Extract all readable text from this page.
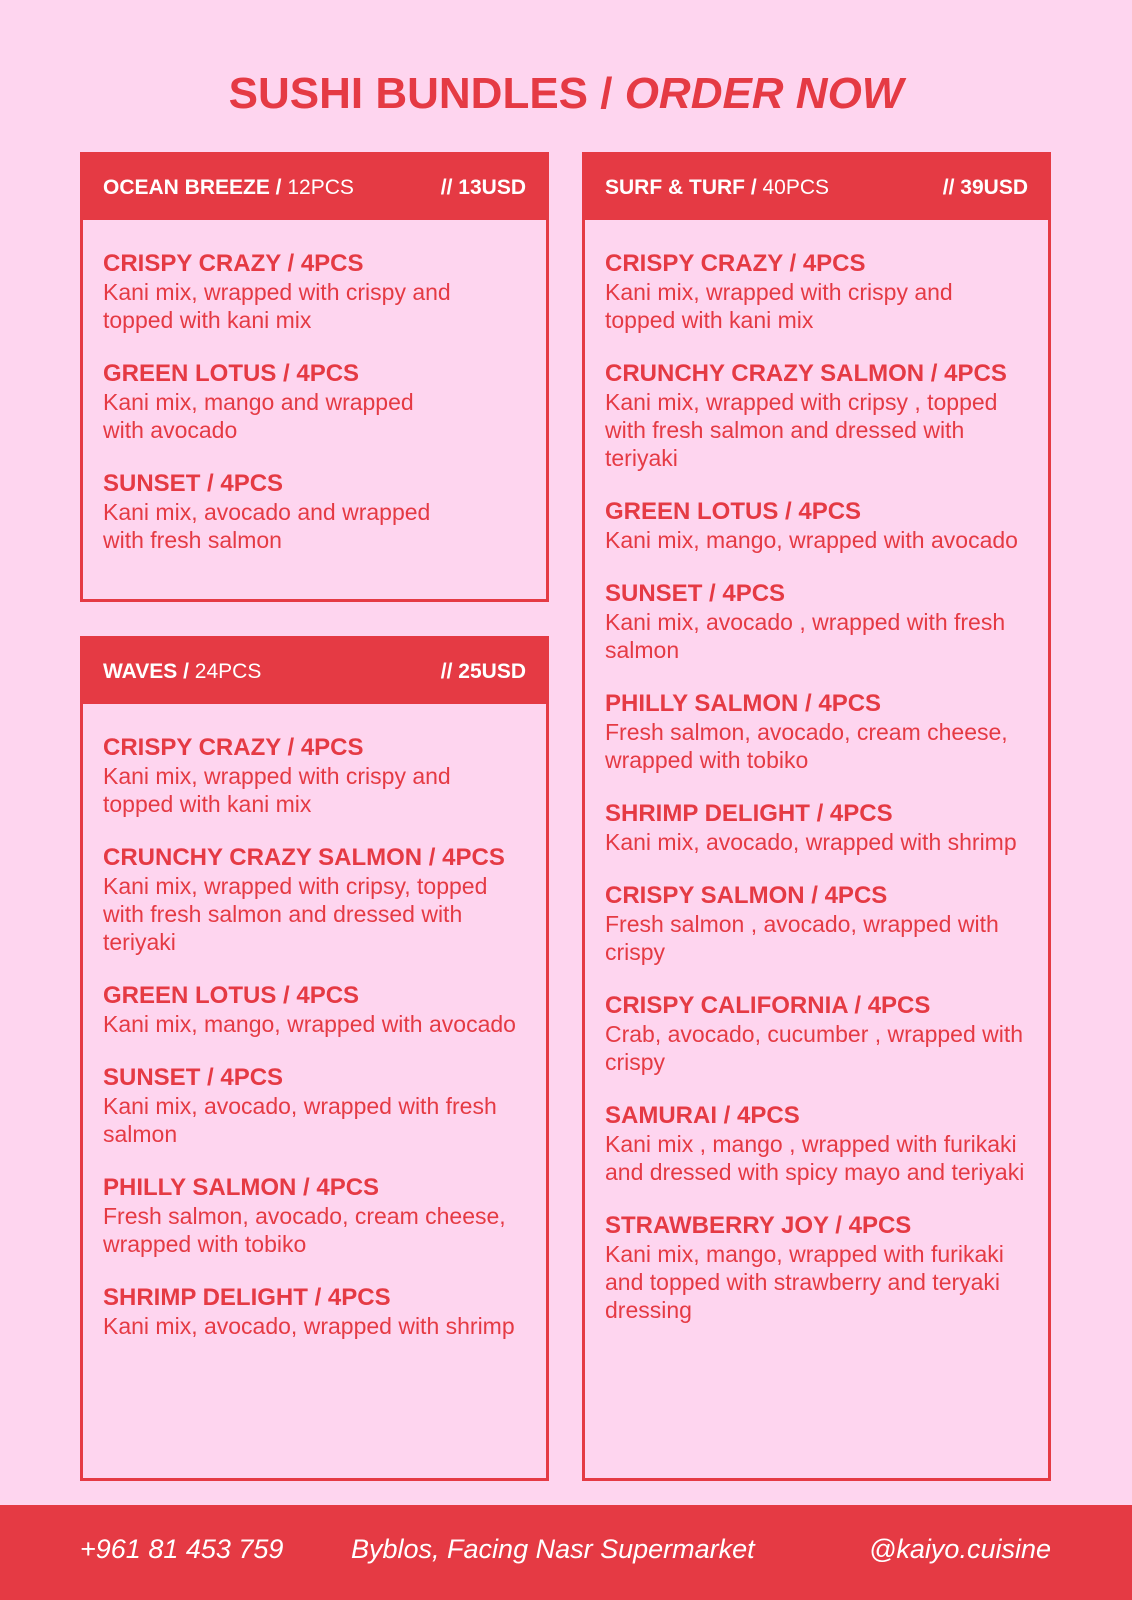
SUSHI BUNDLES / ORDER NOW
OCEAN BREEZE / 12PCS	// 13USD
CRISPY CRAZY / 4PCS
Kani mix, wrapped with crispy and topped with kani mix
GREEN LOTUS / 4PCS
Kani mix, mango and wrapped with avocado
SUNSET / 4PCS
Kani mix, avocado and wrapped with fresh salmon
WAVES / 24PCS	// 25USD
CRISPY CRAZY / 4PCS
Kani mix, wrapped with crispy and topped with kani mix
CRUNCHY CRAZY SALMON / 4PCS
Kani mix, wrapped with cripsy, topped with fresh salmon and dressed with teriyaki
GREEN LOTUS / 4PCS
Kani mix, mango, wrapped with avocado
SUNSET / 4PCS
Kani mix, avocado, wrapped with fresh salmon
PHILLY SALMON / 4PCS
Fresh salmon, avocado, cream cheese, wrapped with tobiko
SHRIMP DELIGHT / 4PCS
Kani mix, avocado, wrapped with shrimp
SURF & TURF / 40PCS	// 39USD
CRISPY CRAZY / 4PCS
Kani mix, wrapped with crispy and topped with kani mix
CRUNCHY CRAZY SALMON / 4PCS
Kani mix, wrapped with cripsy , topped with fresh salmon and dressed with teriyaki
GREEN LOTUS / 4PCS
Kani mix, mango, wrapped with avocado
SUNSET / 4PCS
Kani mix, avocado , wrapped with fresh salmon
PHILLY SALMON / 4PCS
Fresh salmon, avocado, cream cheese, wrapped with tobiko
SHRIMP DELIGHT / 4PCS
Kani mix, avocado, wrapped with shrimp
CRISPY SALMON / 4PCS
Fresh salmon , avocado, wrapped with crispy
CRISPY CALIFORNIA / 4PCS
Crab, avocado, cucumber , wrapped with crispy
SAMURAI / 4PCS
Kani mix , mango , wrapped with furikaki and dressed with spicy mayo and teriyaki
STRAWBERRY JOY / 4PCS
Kani mix, mango, wrapped with furikaki and topped with strawberry and teryaki dressing
+961 81 453 759	Byblos, Facing Nasr Supermarket	@kaiyo.cuisine
